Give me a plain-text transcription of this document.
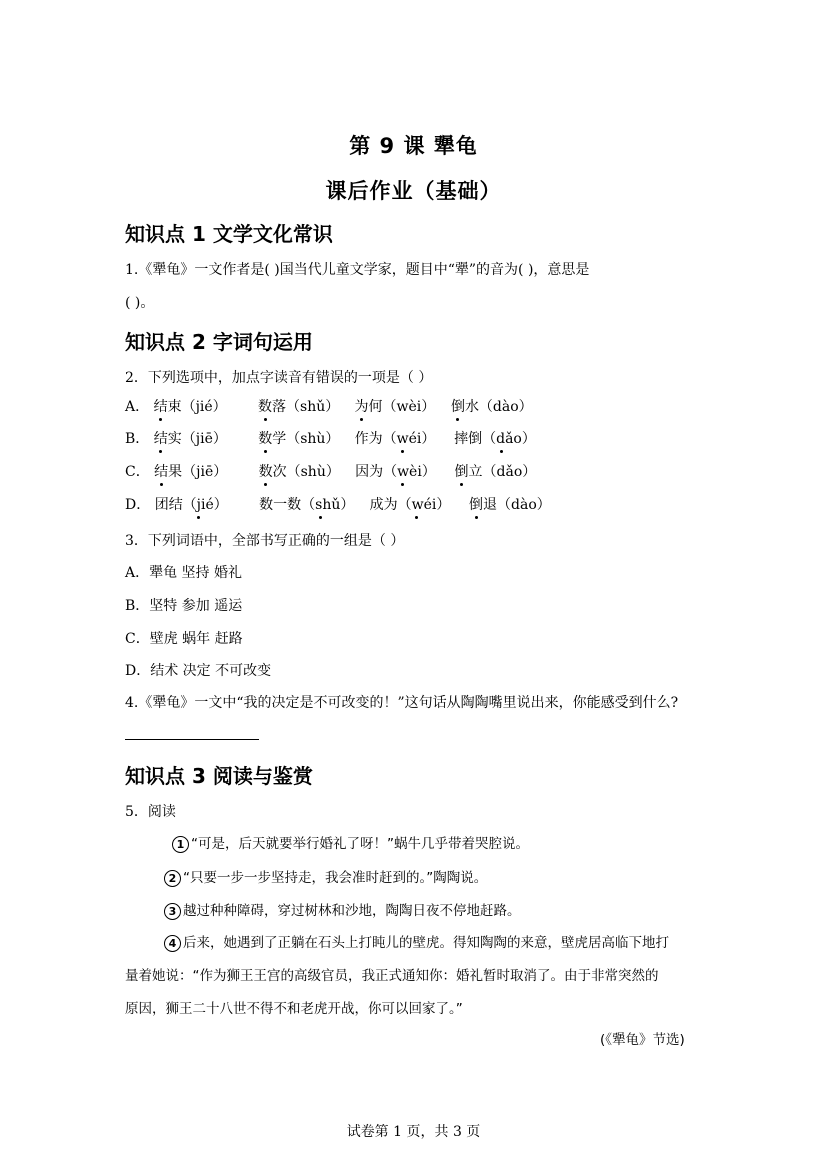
第 9 课 犟龟
课后作业（基础）
知识点 1 文学文化常识
1.《犟龟》一文作者是( )国当代儿童文学家，题目中“犟”的音为( )，意思是
( )。
知识点 2 字词句运用
2．下列选项中，加点字读音有错误的一项是（ ）
A． 结束（jié） 数落（shǔ） 为何（wèi） 倒水（dào）
B． 结实（jiē） 数学（shù） 作为（wéi） 摔倒（dǎo）
C． 结果（jiē） 数次（shù） 因为（wèi） 倒立（dǎo）
D． 团结（jié） 数一数（shǔ） 成为（wéi） 倒退（dào）
3．下列词语中，全部书写正确的一组是（ ）
A．犟龟 坚持 婚礼
B．坚特 参加 遥运
C．壁虎 蜗年 赶路
D．结术 决定 不可改变
4.《犟龟》一文中“我的决定是不可改变的！”这句话从陶陶嘴里说出来，你能感受到什么?
知识点 3 阅读与鉴赏
5．阅读
1 “可是，后天就要举行婚礼了呀！”蜗牛几乎带着哭腔说。
2 “只要一步一步坚持走，我会准时赶到的。”陶陶说。
3 越过种种障碍，穿过树林和沙地，陶陶日夜不停地赶路。
4 后来，她遇到了正躺在石头上打盹儿的壁虎。得知陶陶的来意，壁虎居高临下地打
量着她说：“作为狮王王宫的高级官员，我正式通知你：婚礼暂时取消了。由于非常突然的
原因，狮王二十八世不得不和老虎开战，你可以回家了。”
(《犟龟》节选)
试卷第 1 页，共 3 页
